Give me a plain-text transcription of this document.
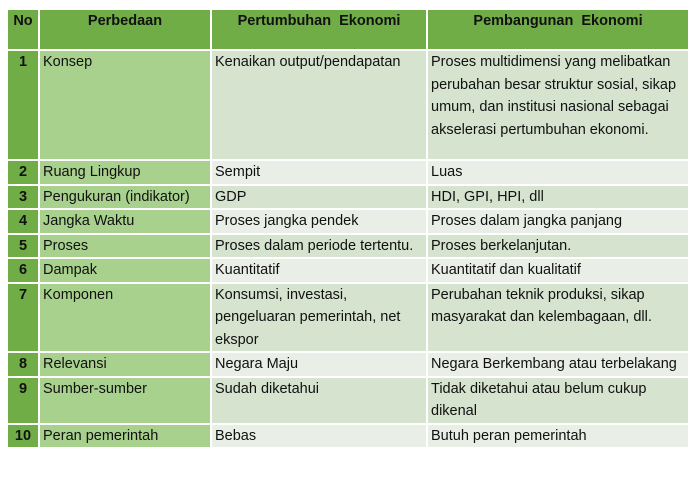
No	Perbedaan	Pertumbuhan  Ekonomi	Pembangunan  Ekonomi
1	Konsep	Kenaikan output/pendapatan	Proses multidimensi yang melibatkan perubahan besar struktur sosial, sikap umum, dan institusi nasional sebagai akselerasi pertumbuhan ekonomi.
2	Ruang Lingkup	Sempit	Luas
3	Pengukuran (indikator)	GDP	HDI, GPI, HPI, dll
4	Jangka Waktu	Proses jangka pendek	Proses dalam jangka panjang
5	Proses	Proses dalam periode tertentu.	Proses berkelanjutan.
6	Dampak	Kuantitatif	Kuantitatif dan kualitatif
7	Komponen	Konsumsi, investasi, pengeluaran pemerintah, net ekspor	Perubahan teknik produksi, sikap masyarakat dan kelembagaan, dll.
8	Relevansi	Negara Maju	Negara Berkembang atau terbelakang
9	Sumber-sumber	Sudah diketahui	Tidak diketahui atau belum cukup dikenal
10	Peran pemerintah	Bebas	Butuh peran pemerintah
